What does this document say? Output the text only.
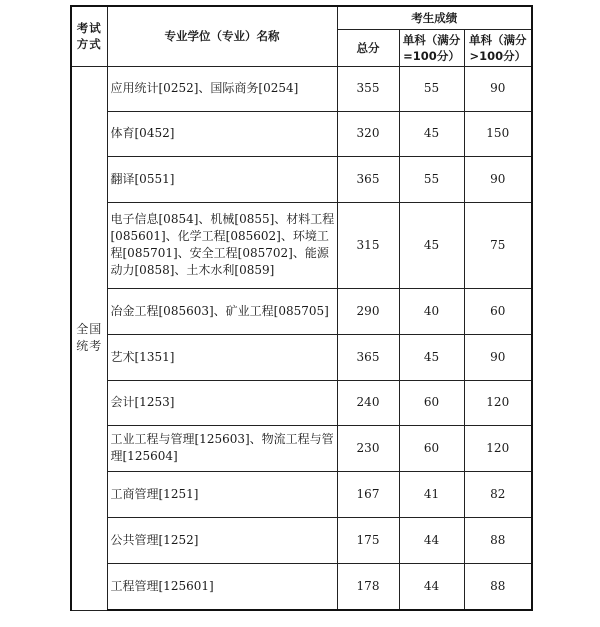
考试方式	专业学位（专业）名称	考生成绩		
		总分	单科（满分=100分）	单科（满分>100分）
全国统考	应用统计[0252]、国际商务[0254]	355	55	90
	体育[0452]	320	45	150
	翻译[0551]	365	55	90
	电子信息[0854]、机械[0855]、材料工程[085601]、化学工程[085602]、环境工程[085701]、安全工程[085702]、能源动力[0858]、土木水利[0859]	315	45	75
	冶金工程[085603]、矿业工程[085705]	290	40	60
	艺术[1351]	365	45	90
	会计[1253]	240	60	120
	工业工程与管理[125603]、物流工程与管理[125604]	230	60	120
	工商管理[1251]	167	41	82
	公共管理[1252]	175	44	88
	工程管理[125601]	178	44	88
